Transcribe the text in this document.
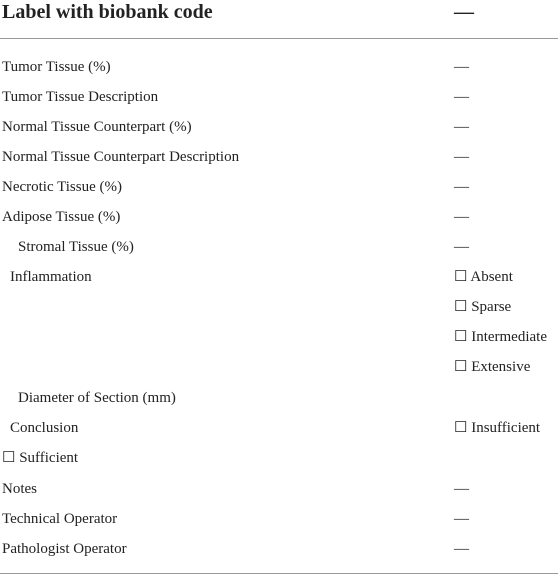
Label with biobank code	—
Tumor Tissue (%)	—
Tumor Tissue Description	—
Normal Tissue Counterpart (%)	—
Normal Tissue Counterpart Description	—
Necrotic Tissue (%)	—
Adipose Tissue (%)	—
Stromal Tissue (%)	—
Inflammation	☐ Absent
☐ Sparse
☐ Intermediate
☐ Extensive
Diameter of Section (mm)
Conclusion	☐ Insufficient
☐ Sufficient
Notes	—
Technical Operator	—
Pathologist Operator	—
